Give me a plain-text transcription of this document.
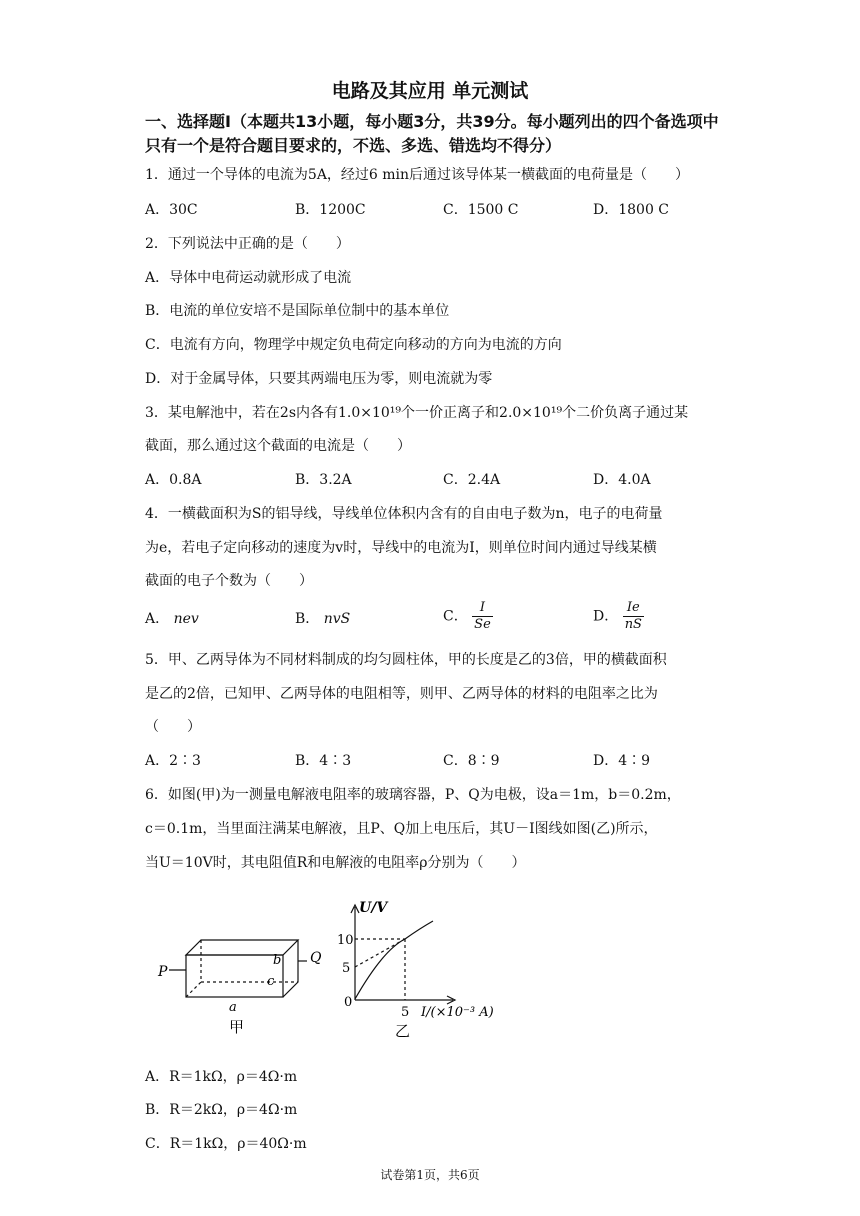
电路及其应用 单元测试
一、选择题I（本题共13小题，每小题3分，共39分。每小题列出的四个备选项中只有一个是符合题目要求的，不选、多选、错选均不得分）
1．通过一个导体的电流为5A，经过6 min后通过该导体某一横截面的电荷量是（　　）
A．30C	B．1200C	C．1500 C	D．1800 C
2．下列说法中正确的是（　　）
A．导体中电荷运动就形成了电流
B．电流的单位安培不是国际单位制中的基本单位
C．电流有方向，物理学中规定负电荷定向移动的方向为电流的方向
D．对于金属导体，只要其两端电压为零，则电流就为零
3．某电解池中，若在2s内各有1.0×10¹⁹个一价正离子和2.0×10¹⁹个二价负离子通过某
截面，那么通过这个截面的电流是（　　）
A．0.8A	B．3.2A	C．2.4A	D．4.0A
4．一横截面积为S的铝导线，导线单位体积内含有的自由电子数为n，电子的电荷量
为e，若电子定向移动的速度为v时，导线中的电流为I，则单位时间内通过导线某横
截面的电子个数为（　　）
A． nev	B． nvS	C． $\frac{I}{Se}$	D． $\frac{Ie}{nS}$
5．甲、乙两导体为不同材料制成的均匀圆柱体，甲的长度是乙的3倍，甲的横截面积
是乙的2倍，已知甲、乙两导体的电阻相等，则甲、乙两导体的材料的电阻率之比为
（　　）
A．2∶3	B．4∶3	C．8∶9	D．4∶9
6．如图(甲)为一测量电解液电阻率的玻璃容器，P、Q为电极，设a＝1m，b＝0.2m，
c＝0.1m，当里面注满某电解液，且P、Q加上电压后，其U－I图线如图(乙)所示，
当U＝10V时，其电阻值R和电解液的电阻率ρ分别为（　　）
P
Q
b
c
a
甲
U/V
10
5
0
5 I/(×10⁻³ A)
乙
A．R＝1kΩ，ρ＝4Ω·m
B．R＝2kΩ，ρ＝4Ω·m
C．R＝1kΩ，ρ＝40Ω·m
试卷第1页，共6页
